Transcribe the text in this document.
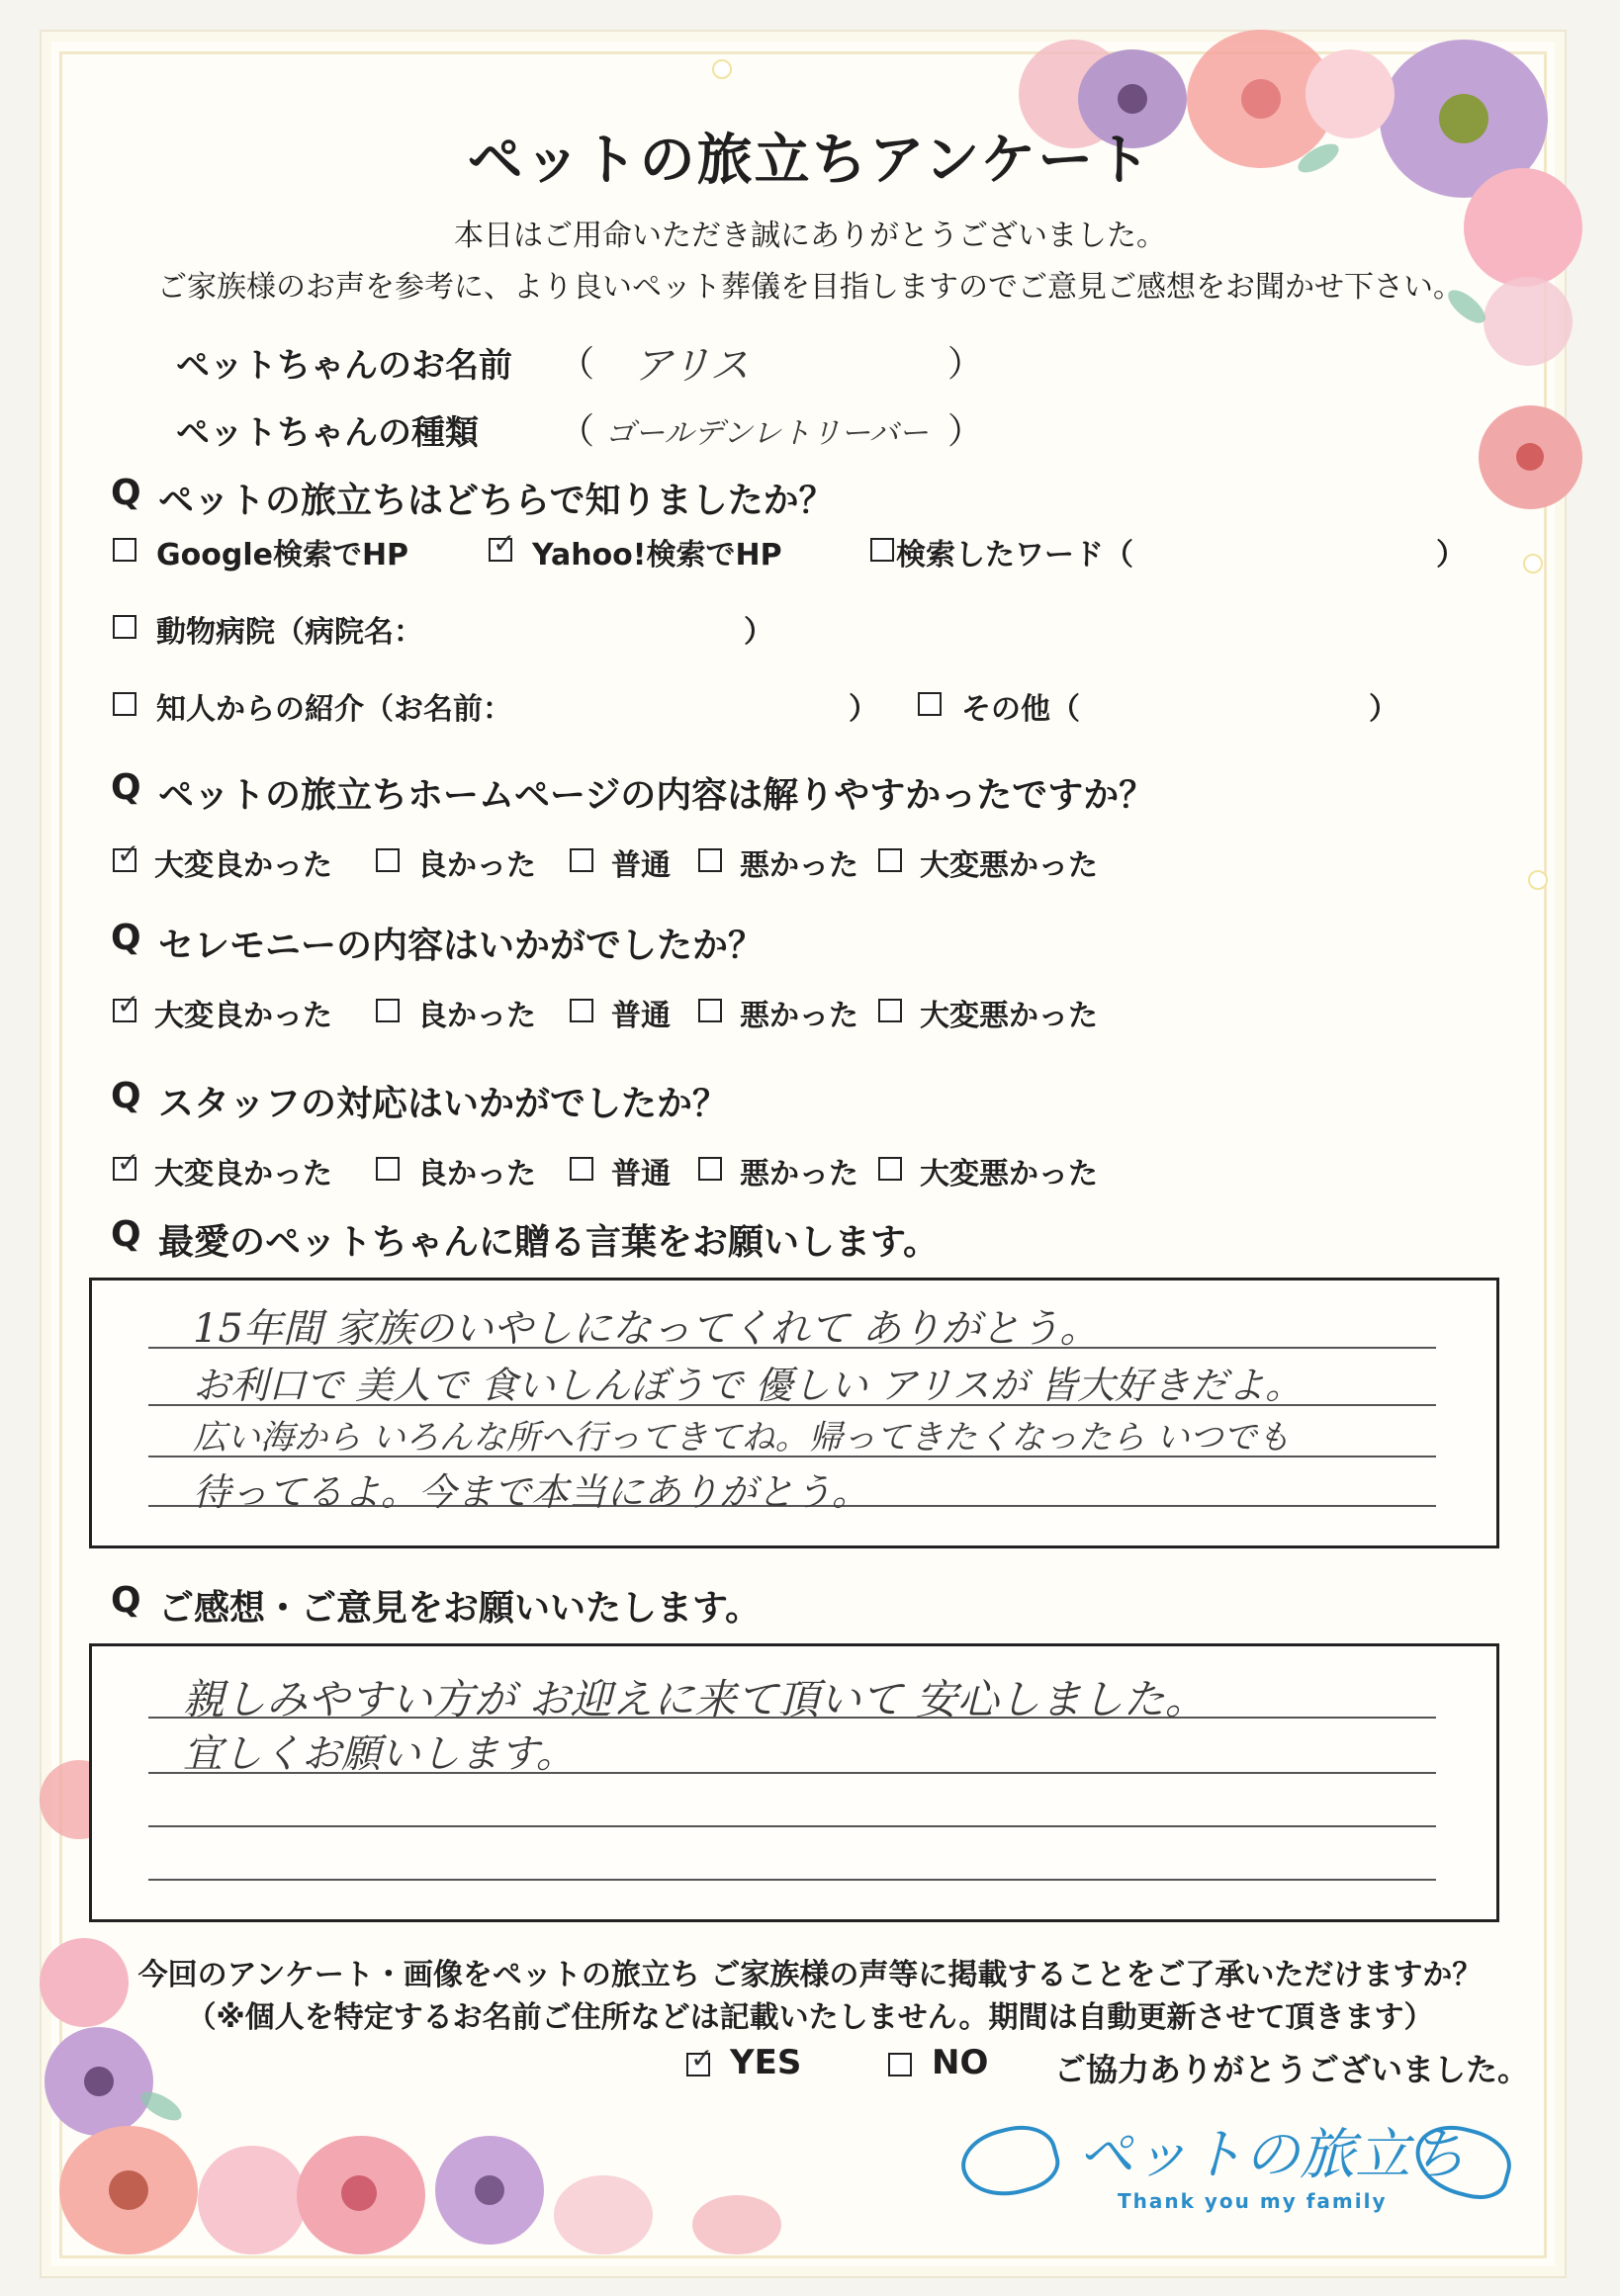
ペットの旅立ちアンケート
本日はご用命いただき誠にありがとうございました。
ご家族様のお声を参考に、より良いペット葬儀を目指しますのでご意見ご感想をお聞かせ下さい。
ペットちゃんのお名前 （ アリス	）
ペットちゃんの種類 （ ゴールデンレトリーバー ）
Q ペットの旅立ちはどちらで知りましたか？
Google検索でHP	✓ Yahoo!検索でHP	検索したワード（	）
動物病院（病院名：	）
知人からの紹介（お名前：	）	その他（	）
Q ペットの旅立ちホームページの内容は解りやすかったですか？
✓ 大変良かった	良かった	普通 悪かった 大変悪かった
Q セレモニーの内容はいかがでしたか？
✓ 大変良かった	良かった	普通 悪かった 大変悪かった
Q スタッフの対応はいかがでしたか？
✓ 大変良かった	良かった	普通 悪かった 大変悪かった
Q 最愛のペットちゃんに贈る言葉をお願いします。
15年間 家族のいやしになってくれて ありがとう。
お利口で 美人で 食いしんぼうで 優しい アリスが 皆大好きだよ。
広い海から いろんな所へ行ってきてね。帰ってきたくなったら いつでも
待ってるよ。今まで本当にありがとう。
Q ご感想・ご意見をお願いいたします。
親しみやすい方が お迎えに来て頂いて 安心しました。
宜しくお願いします。
今回のアンケート・画像をペットの旅立ち ご家族様の声等に掲載することをご了承いただけますか？
（※個人を特定するお名前ご住所などは記載いたしません。期間は自動更新させて頂きます）
✓ YES	NO ご協力ありがとうございました。
ペットの旅立ち
Thank you my family
